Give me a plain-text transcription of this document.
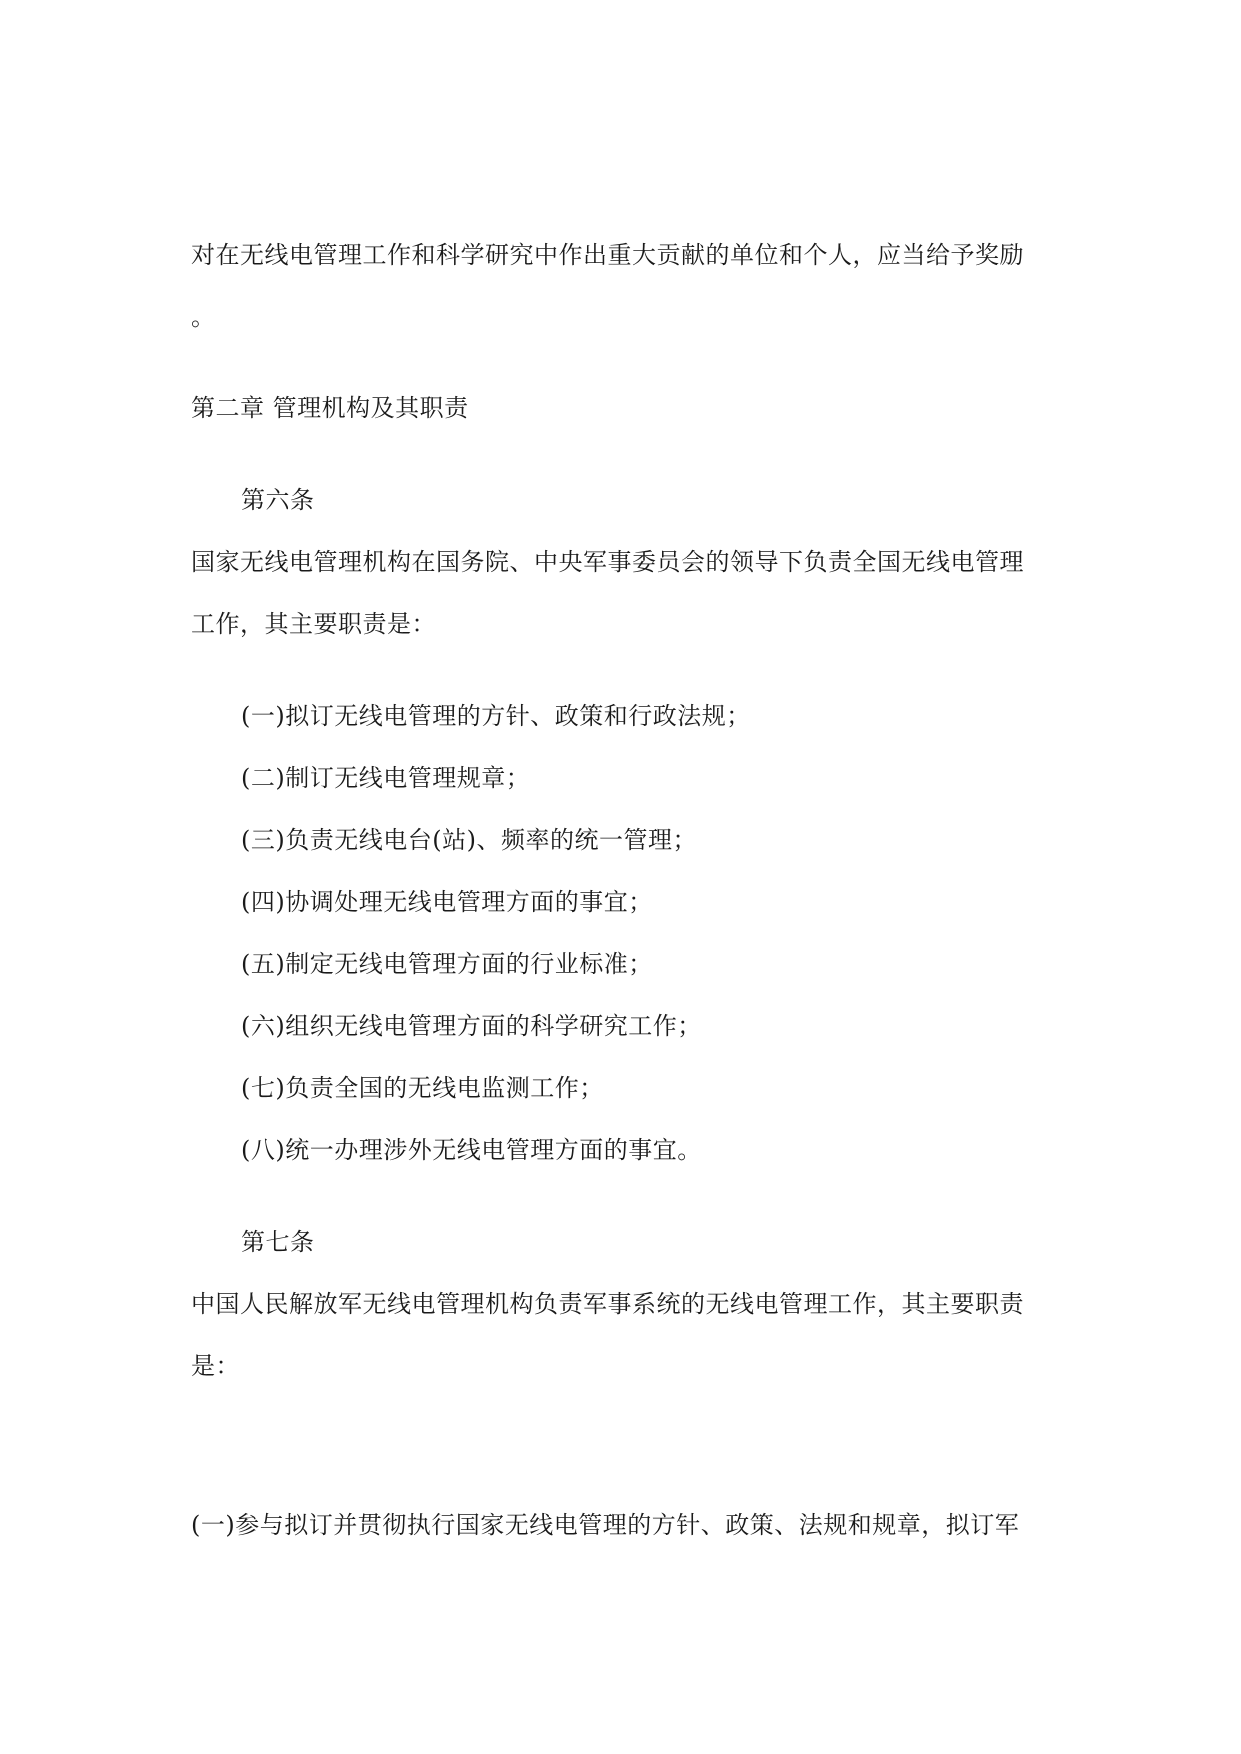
对在无线电管理工作和科学研究中作出重大贡献的单位和个人，应当给予奖励
。
第二章 管理机构及其职责
第六条
国家无线电管理机构在国务院、中央军事委员会的领导下负责全国无线电管理
工作，其主要职责是：
(一)拟订无线电管理的方针、政策和行政法规；
(二)制订无线电管理规章；
(三)负责无线电台(站)、频率的统一管理；
(四)协调处理无线电管理方面的事宜；
(五)制定无线电管理方面的行业标准；
(六)组织无线电管理方面的科学研究工作；
(七)负责全国的无线电监测工作；
(八)统一办理涉外无线电管理方面的事宜。
第七条
中国人民解放军无线电管理机构负责军事系统的无线电管理工作，其主要职责
是：
(一)参与拟订并贯彻执行国家无线电管理的方针、政策、法规和规章，拟订军
